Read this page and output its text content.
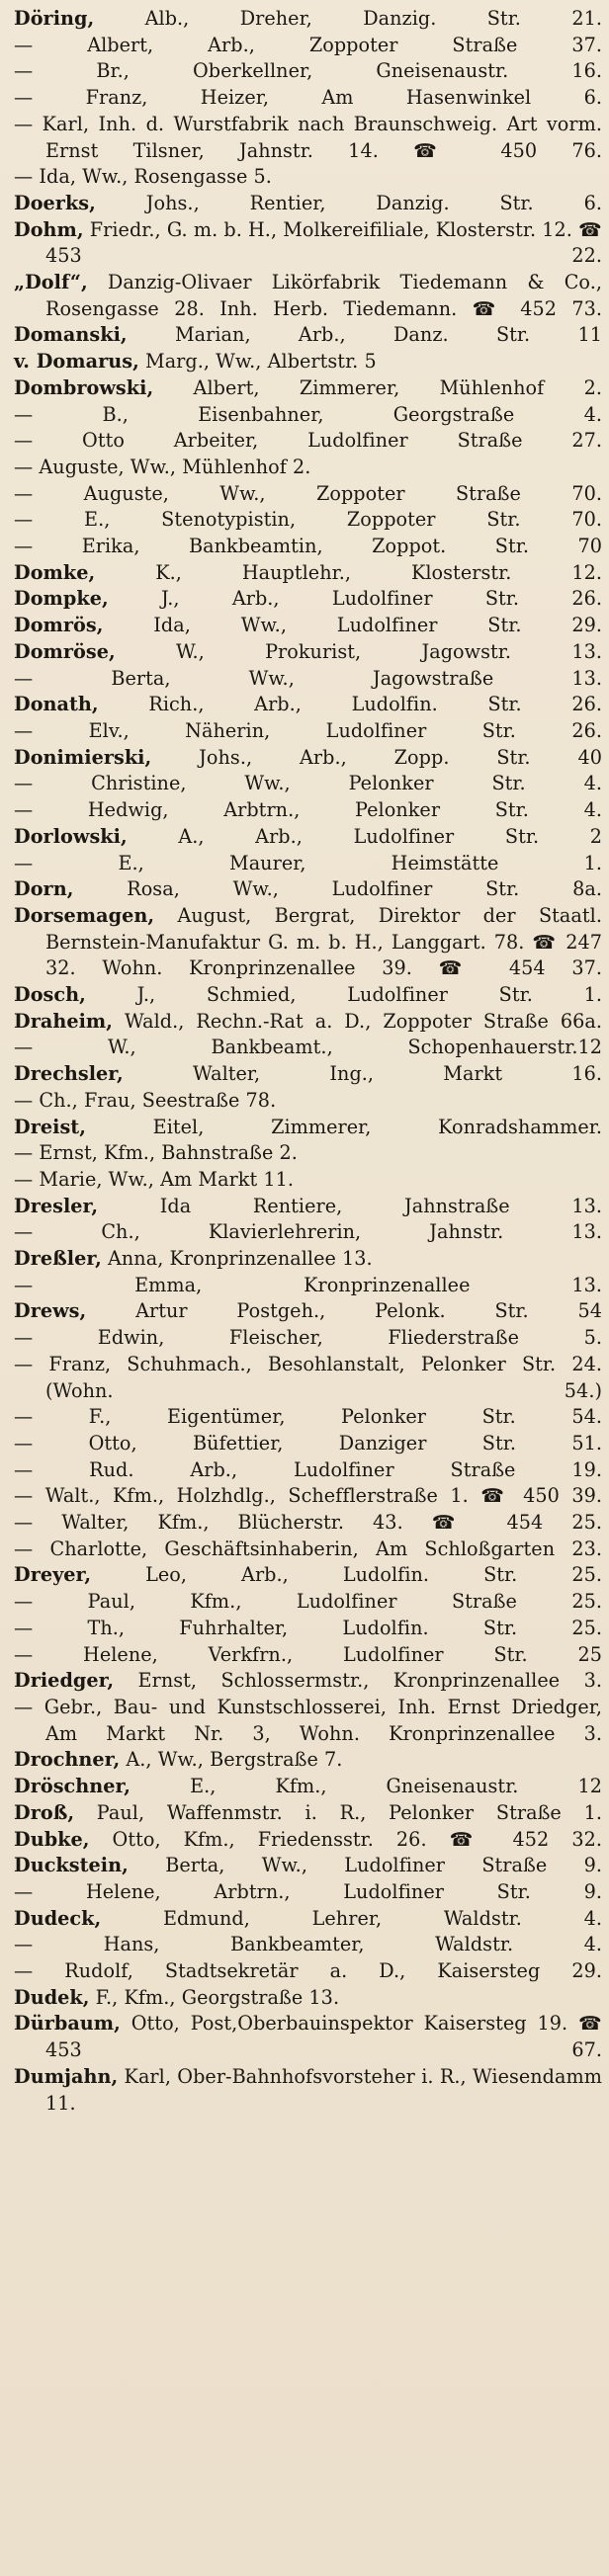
Döring, Alb., Dreher, Danzig. Str. 21.
— Albert, Arb., Zoppoter Straße 37.
— Br., Oberkellner, Gneisenaustr. 16.
— Franz, Heizer, Am Hasenwinkel 6.
— Karl, Inh. d. Wurstfabrik nach Braunschweig. Art vorm. Ernst Tilsner, Jahnstr. 14. ☎ 450 76.
— Ida, Ww., Rosengasse 5.
Doerks, Johs., Rentier, Danzig. Str. 6.
Dohm, Friedr., G. m. b. H., Molkereifiliale, Klosterstr. 12. ☎ 453 22.
„Dolf“, Danzig-Olivaer Likörfabrik Tiedemann & Co., Rosengasse 28. Inh. Herb. Tiedemann. ☎ 452 73.
Domanski, Marian, Arb., Danz. Str. 11
v. Domarus, Marg., Ww., Albertstr. 5
Dombrowski, Albert, Zimmerer, Mühlenhof 2.
— B., Eisenbahner, Georgstraße 4.
— Otto Arbeiter, Ludolfiner Straße 27.
— Auguste, Ww., Mühlenhof 2.
— Auguste, Ww., Zoppoter Straße 70.
— E., Stenotypistin, Zoppoter Str. 70.
— Erika, Bankbeamtin, Zoppot. Str. 70
Domke, K., Hauptlehr., Klosterstr. 12.
Dompke, J., Arb., Ludolfiner Str. 26.
Domrös, Ida, Ww., Ludolfiner Str. 29.
Domröse, W., Prokurist, Jagowstr. 13.
— Berta, Ww., Jagowstraße 13.
Donath, Rich., Arb., Ludolfin. Str. 26.
— Elv., Näherin, Ludolfiner Str. 26.
Donimierski, Johs., Arb., Zopp. Str. 40
— Christine, Ww., Pelonker Str. 4.
— Hedwig, Arbtrn., Pelonker Str. 4.
Dorlowski, A., Arb., Ludolfiner Str. 2
— E., Maurer, Heimstätte 1.
Dorn, Rosa, Ww., Ludolfiner Str. 8a.
Dorsemagen, August, Bergrat, Direktor der Staatl. Bernstein-Manufaktur G. m. b. H., Langgart. 78. ☎ 247 32. Wohn. Kronprinzenallee 39. ☎ 454 37.
Dosch, J., Schmied, Ludolfiner Str. 1.
Draheim, Wald., Rechn.-Rat a. D., Zoppoter Straße 66a.
— W., Bankbeamt., Schopenhauerstr.12
Drechsler, Walter, Ing., Markt 16.
— Ch., Frau, Seestraße 78.
Dreist, Eitel, Zimmerer, Konradshammer.
— Ernst, Kfm., Bahnstraße 2.
— Marie, Ww., Am Markt 11.
Dresler, Ida Rentiere, Jahnstraße 13.
— Ch., Klavierlehrerin, Jahnstr. 13.
Dreßler, Anna, Kronprinzenallee 13.
— Emma, Kronprinzenallee 13.
Drews, Artur Postgeh., Pelonk. Str. 54
— Edwin, Fleischer, Fliederstraße 5.
— Franz, Schuhmach., Besohlanstalt, Pelonker Str. 24. (Wohn. 54.)
— F., Eigentümer, Pelonker Str. 54.
— Otto, Büfettier, Danziger Str. 51.
— Rud. Arb., Ludolfiner Straße 19.
— Walt., Kfm., Holzhdlg., Schefflerstraße 1. ☎ 450 39.
— Walter, Kfm., Blücherstr. 43. ☎ 454 25.
— Charlotte, Geschäftsinhaberin, Am Schloßgarten 23.
Dreyer, Leo, Arb., Ludolfin. Str. 25.
— Paul, Kfm., Ludolfiner Straße 25.
— Th., Fuhrhalter, Ludolfin. Str. 25.
— Helene, Verkfrn., Ludolfiner Str. 25
Driedger, Ernst, Schlossermstr., Kronprinzenallee 3.
— Gebr., Bau- und Kunstschlosserei, Inh. Ernst Driedger, Am Markt Nr. 3, Wohn. Kronprinzenallee 3.
Drochner, A., Ww., Bergstraße 7.
Dröschner, E., Kfm., Gneisenaustr. 12
Droß, Paul, Waffenmstr. i. R., Pelonker Straße 1.
Dubke, Otto, Kfm., Friedensstr. 26. ☎ 452 32.
Duckstein, Berta, Ww., Ludolfiner Straße 9.
— Helene, Arbtrn., Ludolfiner Str. 9.
Dudeck, Edmund, Lehrer, Waldstr. 4.
— Hans, Bankbeamter, Waldstr. 4.
— Rudolf, Stadtsekretär a. D., Kaisersteg 29.
Dudek, F., Kfm., Georgstraße 13.
Dürbaum, Otto, Post,Oberbauinspektor Kaisersteg 19. ☎ 453 67.
Dumjahn, Karl, Ober-Bahnhofsvorsteher i. R., Wiesendamm 11.
